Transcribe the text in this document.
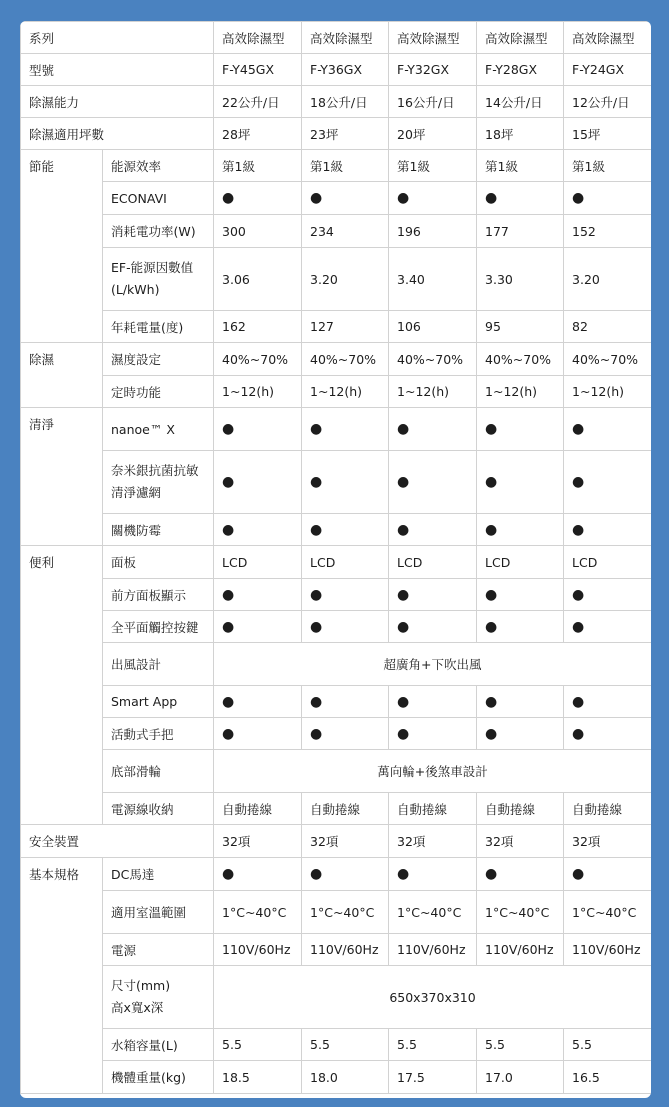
系列		高效除濕型	高效除濕型	高效除濕型	高效除濕型	高效除濕型
型號		F-Y45GX	F-Y36GX	F-Y32GX	F-Y28GX	F-Y24GX
除濕能力		22公升/日	18公升/日	16公升/日	14公升/日	12公升/日
除濕適用坪數		28坪	23坪	20坪	18坪	15坪
節能	能源效率	第1級	第1級	第1級	第1級	第1級
	ECONAVI	●	●	●	●	●
	消耗電功率(W)	300	234	196	177	152
	EF-能源因數值
(L/kWh)	3.06	3.20	3.40	3.30	3.20
	年耗電量(度)	162	127	106	95	82
除濕	濕度設定	40%~70%	40%~70%	40%~70%	40%~70%	40%~70%
	定時功能	1~12(h)	1~12(h)	1~12(h)	1~12(h)	1~12(h)
清淨	nanoe™ X	●	●	●	●	●
	奈米銀抗菌抗敏
清淨濾網	●	●	●	●	●
	關機防霉	●	●	●	●	●
便利	面板	LCD	LCD	LCD	LCD	LCD
	前方面板顯示	●	●	●	●	●
	全平面觸控按鍵	●	●	●	●	●
	出風設計	超廣角+下吹出風				
	Smart App	●	●	●	●	●
	活動式手把	●	●	●	●	●
	底部滑輪	萬向輪+後煞車設計				
	電源線收納	自動捲線	自動捲線	自動捲線	自動捲線	自動捲線
安全裝置		32項	32項	32項	32項	32項
基本規格	DC馬達	●	●	●	●	●
	適用室溫範圍	1°C~40°C	1°C~40°C	1°C~40°C	1°C~40°C	1°C~40°C
	電源	110V/60Hz	110V/60Hz	110V/60Hz	110V/60Hz	110V/60Hz
	尺寸(mm)
高x寬x深	650x370x310				
	水箱容量(L)	5.5	5.5	5.5	5.5	5.5
	機體重量(kg)	18.5	18.0	17.5	17.0	16.5
